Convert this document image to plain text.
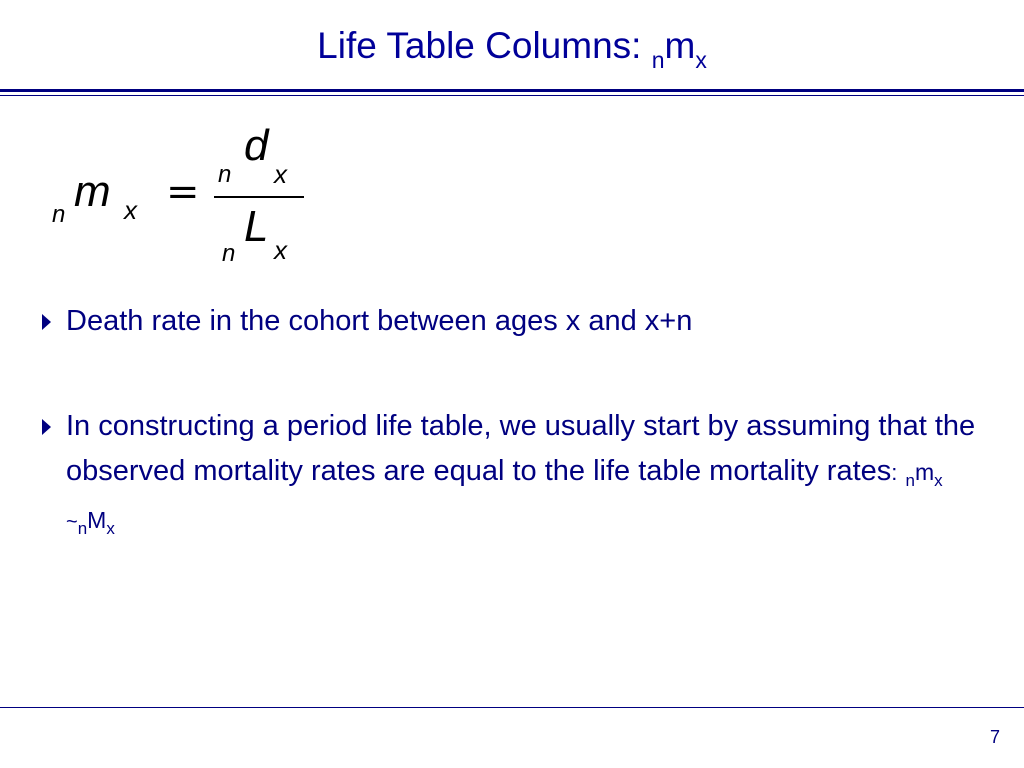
Life Table Columns: $_nm_x$
n m x = n
d
x
n
L x
Death rate in the cohort between ages x and x+n
In constructing a period life table, we usually start by assuming that the observed mortality rates are equal to the life table mortality rates: $_nm_x$ $\sim_nM_x$
7
